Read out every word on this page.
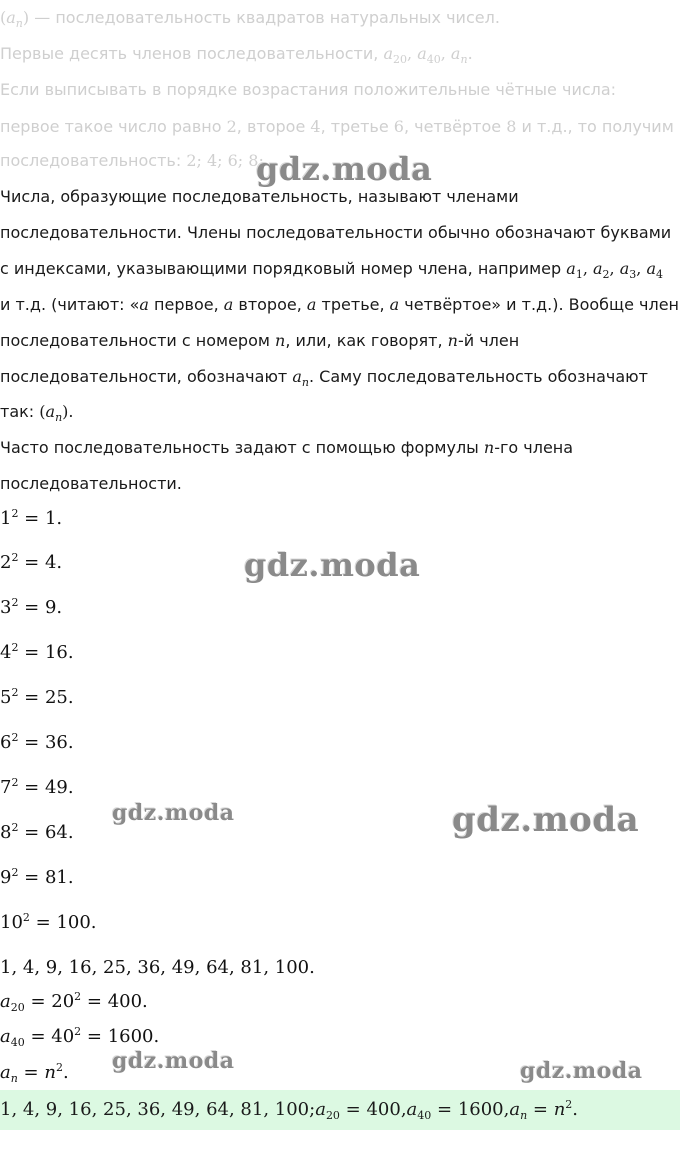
$(a_n)$ — последовательность квадратов натуральных чисел.
Первые десять членов последовательности, $a_{20}$, $a_{40}$, $a_n$.
Если выписывать в порядке возрастания положительные чётные числа:
первое такое число равно 2, второе 4, третье 6, четвёртое 8 и т.д., то получим
последовательность: 2; 4; 6; 8;
Числа, образующие последовательность, называют членами
последовательности. Члены последовательности обычно обозначают буквами
с индексами, указывающими порядковый номер члена, например $a_1$, $a_2$, $a_3$, $a_4$
и т.д. (читают: «a первое, a второе, a третье, a четвёртое» и т.д.). Вообще член
последовательности с номером n, или, как говорят, n-й член
последовательности, обозначают $a_n$. Саму последовательность обозначают
так: $(a_n)$.
Часто последовательность задают с помощью формулы n-го члена
последовательности.
$1^2 = 1$.
$2^2 = 4$.
$3^2 = 9$.
$4^2 = 16$.
$5^2 = 25$.
$6^2 = 36$.
$7^2 = 49$.
$8^2 = 64$.
$9^2 = 81$.
$10^2 = 100$.
1, 4, 9, 16, 25, 36, 49, 64, 81, 100.
$a_{20} = 20^2 = 400$.
$a_{40} = 40^2 = 1600$.
$a_n = n^2$.
1, 4, 9, 16, 25, 36, 49, 64, 81, $100;a_{20} = 400,a_{40} = 1600,a_n = n^2$.
gdz.moda
gdz.moda
gdz.moda	gdz.moda
gdz.moda	gdz.moda
